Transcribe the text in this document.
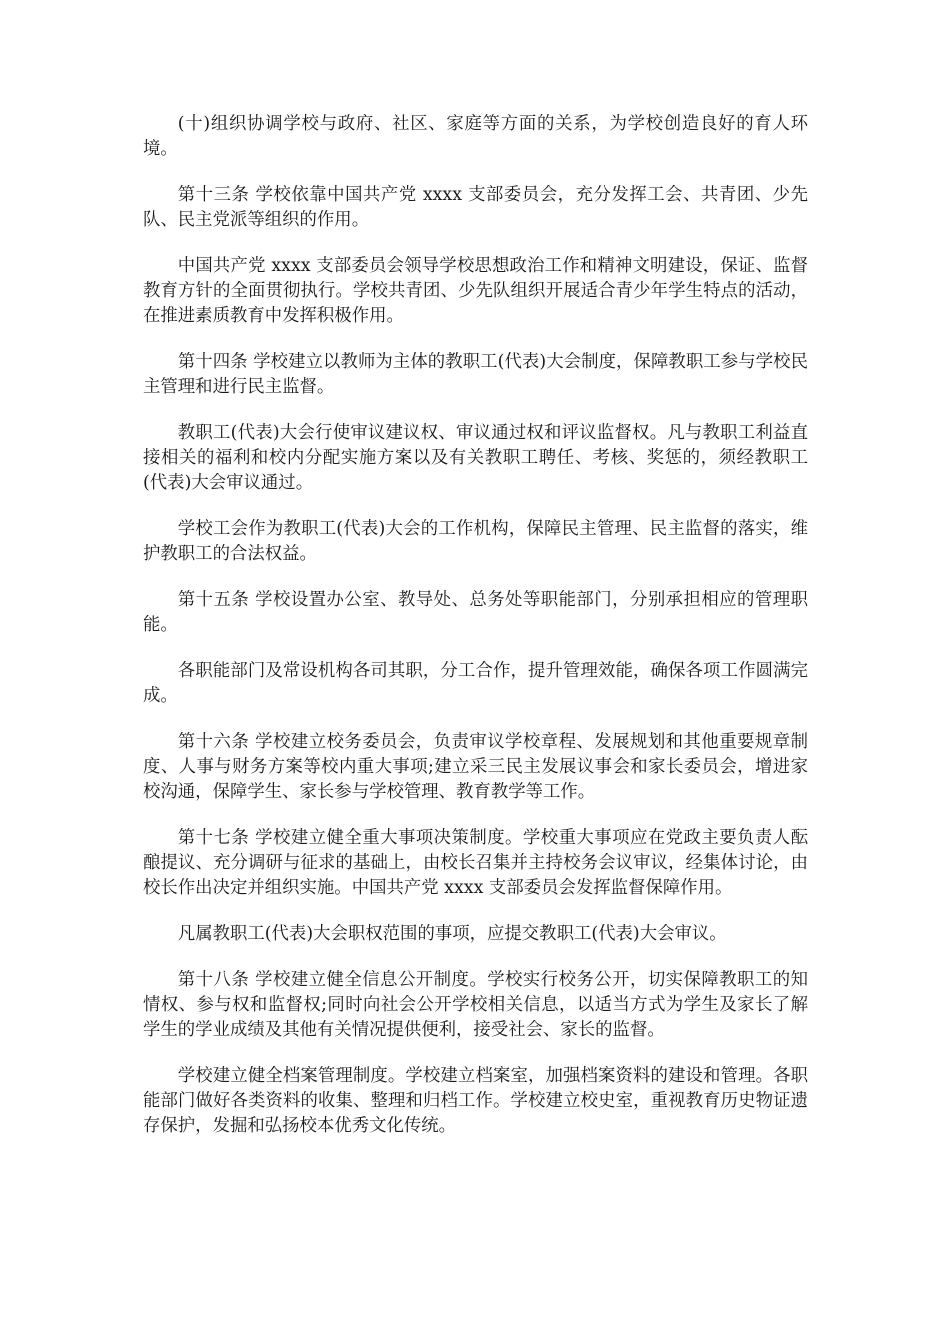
(十)组织协调学校与政府、社区、家庭等方面的关系，为学校创造良好的育人环境。

第十三条 学校依靠中国共产党 xxxx 支部委员会，充分发挥工会、共青团、少先队、民主党派等组织的作用。

中国共产党 xxxx 支部委员会领导学校思想政治工作和精神文明建设，保证、监督教育方针的全面贯彻执行。学校共青团、少先队组织开展适合青少年学生特点的活动，在推进素质教育中发挥积极作用。

第十四条 学校建立以教师为主体的教职工(代表)大会制度，保障教职工参与学校民主管理和进行民主监督。

教职工(代表)大会行使审议建议权、审议通过权和评议监督权。凡与教职工利益直接相关的福利和校内分配实施方案以及有关教职工聘任、考核、奖惩的，须经教职工(代表)大会审议通过。

学校工会作为教职工(代表)大会的工作机构，保障民主管理、民主监督的落实，维护教职工的合法权益。

第十五条 学校设置办公室、教导处、总务处等职能部门，分别承担相应的管理职能。

各职能部门及常设机构各司其职，分工合作，提升管理效能，确保各项工作圆满完成。

第十六条 学校建立校务委员会，负责审议学校章程、发展规划和其他重要规章制度、人事与财务方案等校内重大事项;建立采三民主发展议事会和家长委员会，增进家校沟通，保障学生、家长参与学校管理、教育教学等工作。

第十七条 学校建立健全重大事项决策制度。学校重大事项应在党政主要负责人酝酿提议、充分调研与征求的基础上，由校长召集并主持校务会议审议，经集体讨论，由校长作出决定并组织实施。中国共产党 xxxx 支部委员会发挥监督保障作用。

凡属教职工(代表)大会职权范围的事项，应提交教职工(代表)大会审议。

第十八条 学校建立健全信息公开制度。学校实行校务公开，切实保障教职工的知情权、参与权和监督权;同时向社会公开学校相关信息，以适当方式为学生及家长了解学生的学业成绩及其他有关情况提供便利，接受社会、家长的监督。

学校建立健全档案管理制度。学校建立档案室，加强档案资料的建设和管理。各职能部门做好各类资料的收集、整理和归档工作。学校建立校史室，重视教育历史物证遗存保护，发掘和弘扬校本优秀文化传统。
